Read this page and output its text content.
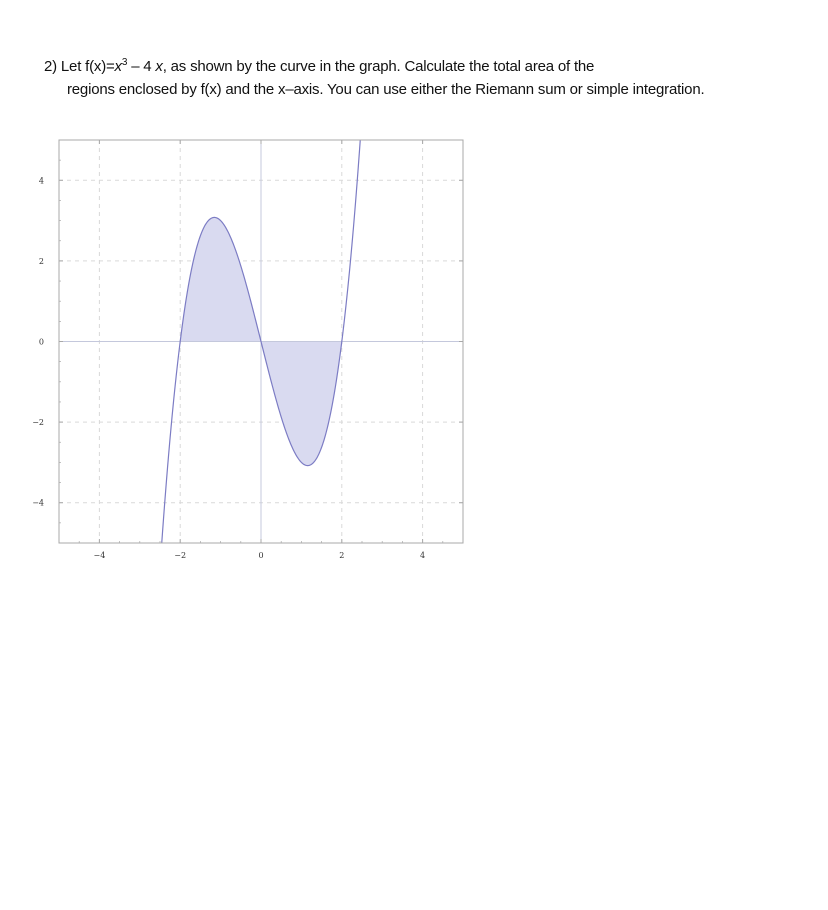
2) Let $f(x)=x^3 - 4$ x, as shown by the curve in the graph. Calculate the total area of the
regions enclosed by f(x) and the x–axis. You can use either the Riemann sum or simple integration.
−4	−2	0	2	4
4
2
0
−2
−4
